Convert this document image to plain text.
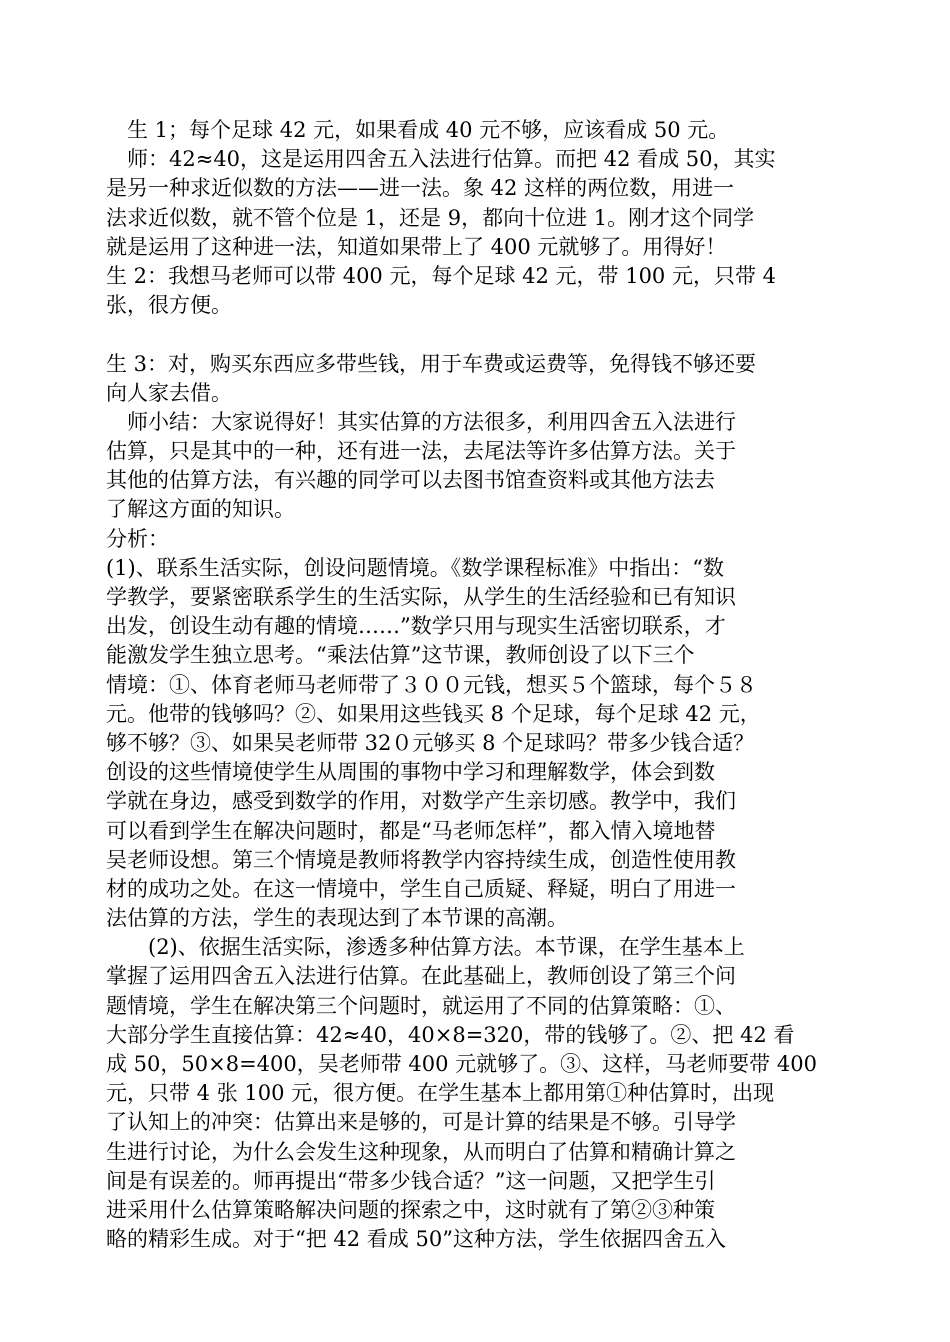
　生 1；每个足球 42 元，如果看成 40 元不够，应该看成 50 元。
　师：42≈40，这是运用四舍五入法进行估算。而把 42 看成 50，其实
是另一种求近似数的方法——进一法。象 42 这样的两位数，用进一
法求近似数，就不管个位是 1，还是 9，都向十位进 1。刚才这个同学
就是运用了这种进一法，知道如果带上了 400 元就够了。用得好！
生 2：我想马老师可以带 400 元，每个足球 42 元，带 100 元，只带 4
张，很方便。
生 3：对，购买东西应多带些钱，用于车费或运费等，免得钱不够还要
向人家去借。
　师小结：大家说得好！其实估算的方法很多，利用四舍五入法进行
估算，只是其中的一种，还有进一法，去尾法等许多估算方法。关于
其他的估算方法，有兴趣的同学可以去图书馆查资料或其他方法去
了解这方面的知识。
分析：
(1)、联系生活实际，创设问题情境。《数学课程标准》中指出：“数
学教学，要紧密联系学生的生活实际，从学生的生活经验和已有知识
出发，创设生动有趣的情境……”数学只用与现实生活密切联系，才
能激发学生独立思考。“乘法估算”这节课，教师创设了以下三个
情境：①、体育老师马老师带了３００元钱，想买５个篮球，每个５８
元。他带的钱够吗？②、如果用这些钱买 8 个足球，每个足球 42 元，
够不够？③、如果吴老师带 32０元够买 8 个足球吗？带多少钱合适？
创设的这些情境使学生从周围的事物中学习和理解数学，体会到数
学就在身边，感受到数学的作用，对数学产生亲切感。教学中，我们
可以看到学生在解决问题时，都是“马老师怎样”，都入情入境地替
吴老师设想。第三个情境是教师将教学内容持续生成，创造性使用教
材的成功之处。在这一情境中，学生自己质疑、释疑，明白了用进一
法估算的方法，学生的表现达到了本节课的高潮。
　　(2)、依据生活实际，渗透多种估算方法。本节课，在学生基本上
掌握了运用四舍五入法进行估算。在此基础上，教师创设了第三个问
题情境，学生在解决第三个问题时，就运用了不同的估算策略：①、
大部分学生直接估算：42≈40，40×8=320，带的钱够了。②、把 42 看
成 50，50×8=400，吴老师带 400 元就够了。③、这样，马老师要带 400
元，只带 4 张 100 元，很方便。在学生基本上都用第①种估算时，出现
了认知上的冲突：估算出来是够的，可是计算的结果是不够。引导学
生进行讨论，为什么会发生这种现象，从而明白了估算和精确计算之
间是有误差的。师再提出“带多少钱合适？”这一问题，又把学生引
进采用什么估算策略解决问题的探索之中，这时就有了第②③种策
略的精彩生成。对于“把 42 看成 50”这种方法，学生依据四舍五入
